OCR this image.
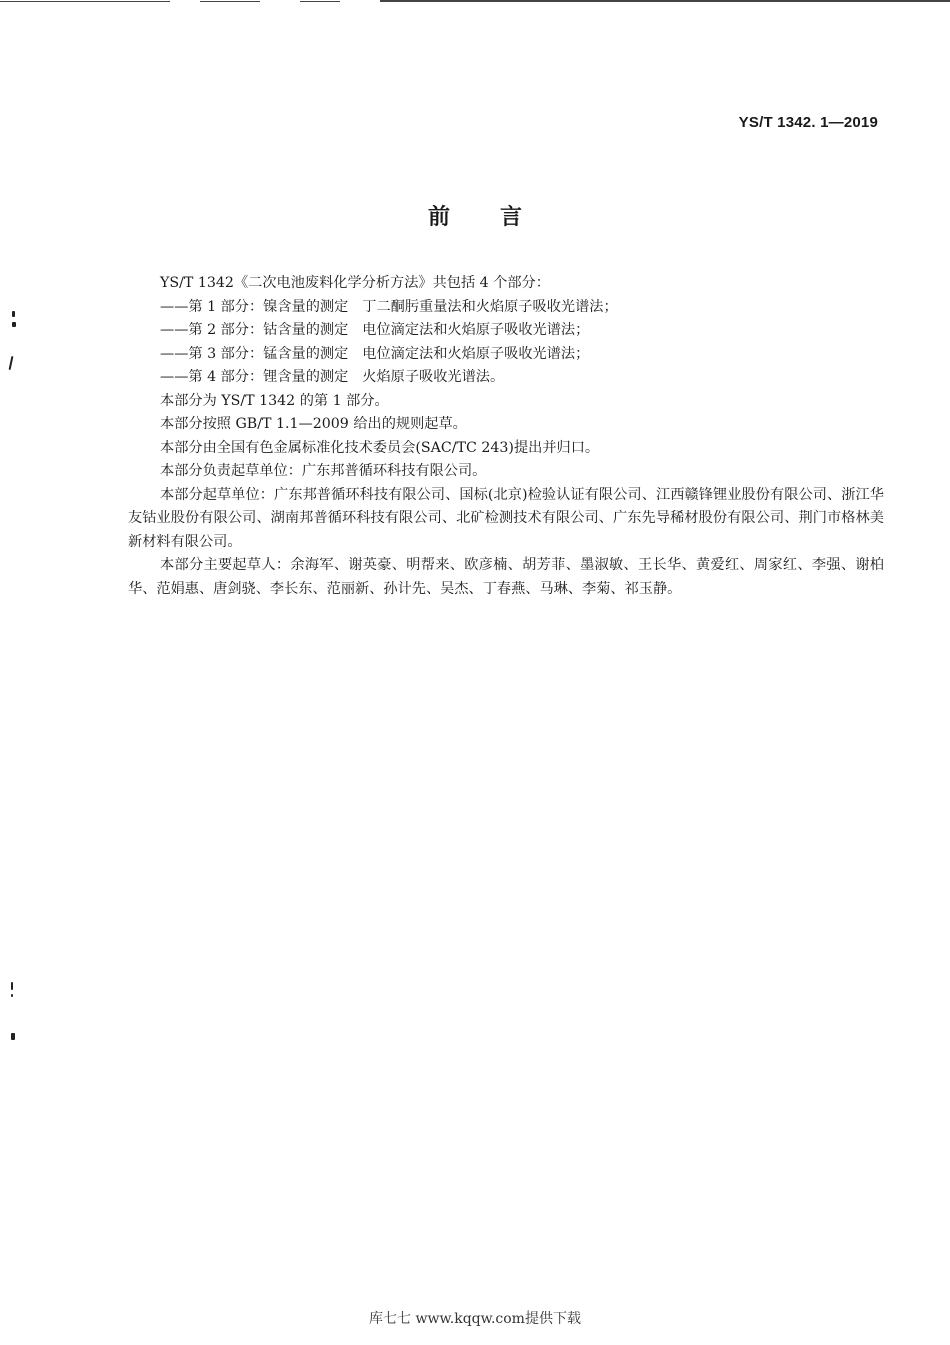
YS/T 1342. 1—2019
前言

YS/T 1342《二次电池废料化学分析方法》共包括 4 个部分：

——第 1 部分：镍含量的测定 丁二酮肟重量法和火焰原子吸收光谱法；

——第 2 部分：钴含量的测定 电位滴定法和火焰原子吸收光谱法；

——第 3 部分：锰含量的测定 电位滴定法和火焰原子吸收光谱法；

——第 4 部分：锂含量的测定 火焰原子吸收光谱法。

本部分为 YS/T 1342 的第 1 部分。

本部分按照 GB/T 1.1—2009 给出的规则起草。

本部分由全国有色金属标准化技术委员会(SAC/TC 243)提出并归口。

本部分负责起草单位：广东邦普循环科技有限公司。

本部分起草单位：广东邦普循环科技有限公司、国标(北京)检验认证有限公司、江西赣锋锂业股份有限公司、浙江华友钴业股份有限公司、湖南邦普循环科技有限公司、北矿检测技术有限公司、广东先导稀材股份有限公司、荆门市格林美新材料有限公司。

本部分主要起草人：余海军、谢英豪、明帮来、欧彦楠、胡芳菲、墨淑敏、王长华、黄爱红、周家红、李强、谢柏华、范娟惠、唐剑骁、李长东、范丽新、孙计先、吴杰、丁春燕、马琳、李菊、祁玉静。

库七七 www.kqqw.com提供下载
